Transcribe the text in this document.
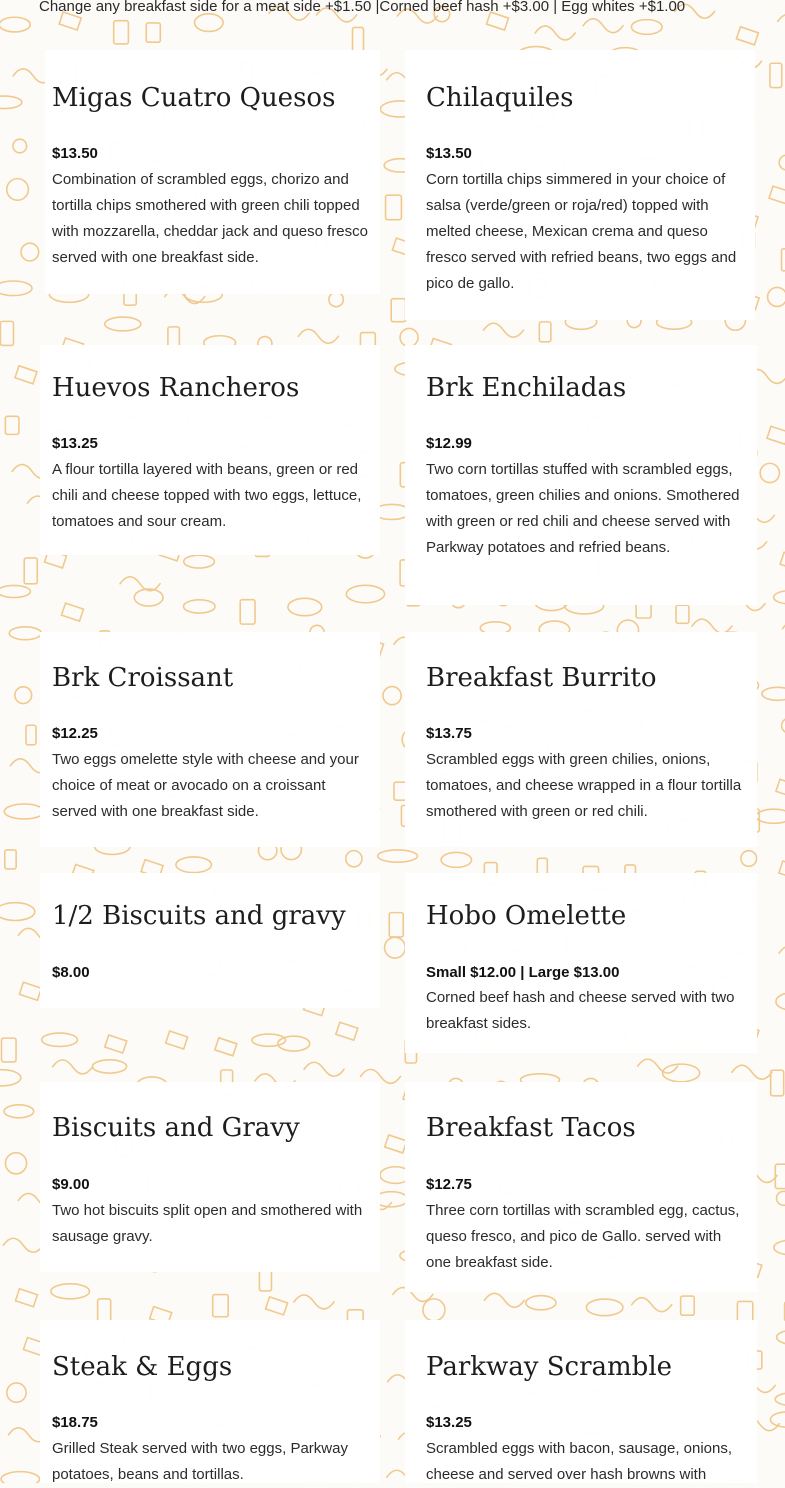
Change any breakfast side for a meat side +$1.50 |Corned beef hash +$3.00 | Egg whites +$1.00
Migas Cuatro Quesos
$13.50

Combination of scrambled eggs, chorizo and tortilla chips smothered with green chili topped with mozzarella, cheddar jack and queso fresco served with one breakfast side.

Chilaquiles
$13.50

Corn tortilla chips simmered in your choice of salsa (verde/green or roja/red) topped with melted cheese, Mexican crema and queso fresco served with refried beans, two eggs and pico de gallo.

Huevos Rancheros
$13.25

A flour tortilla layered with beans, green or red chili and cheese topped with two eggs, lettuce, tomatoes and sour cream.

Brk Enchiladas
$12.99

Two corn tortillas stuffed with scrambled eggs, tomatoes, green chilies and onions. Smothered with green or red chili and cheese served with Parkway potatoes and refried beans.

Brk Croissant
$12.25

Two eggs omelette style with cheese and your choice of meat or avocado on a croissant served with one breakfast side.

Breakfast Burrito
$13.75

Scrambled eggs with green chilies, onions, tomatoes, and cheese wrapped in a flour tortilla smothered with green or red chili.

1/2 Biscuits and gravy
$8.00
Hobo Omelette
Small $12.00 | Large $13.00

Corned beef hash and cheese served with two breakfast sides.

Biscuits and Gravy
$9.00

Two hot biscuits split open and smothered with sausage gravy.

Breakfast Tacos
$12.75

Three corn tortillas with scrambled egg, cactus, queso fresco, and pico de Gallo. served with one breakfast side.

Steak & Eggs
$18.75

Grilled Steak served with two eggs, Parkway potatoes, beans and tortillas.

Parkway Scramble
$13.25

Scrambled eggs with bacon, sausage, onions, cheese and served over hash browns with
